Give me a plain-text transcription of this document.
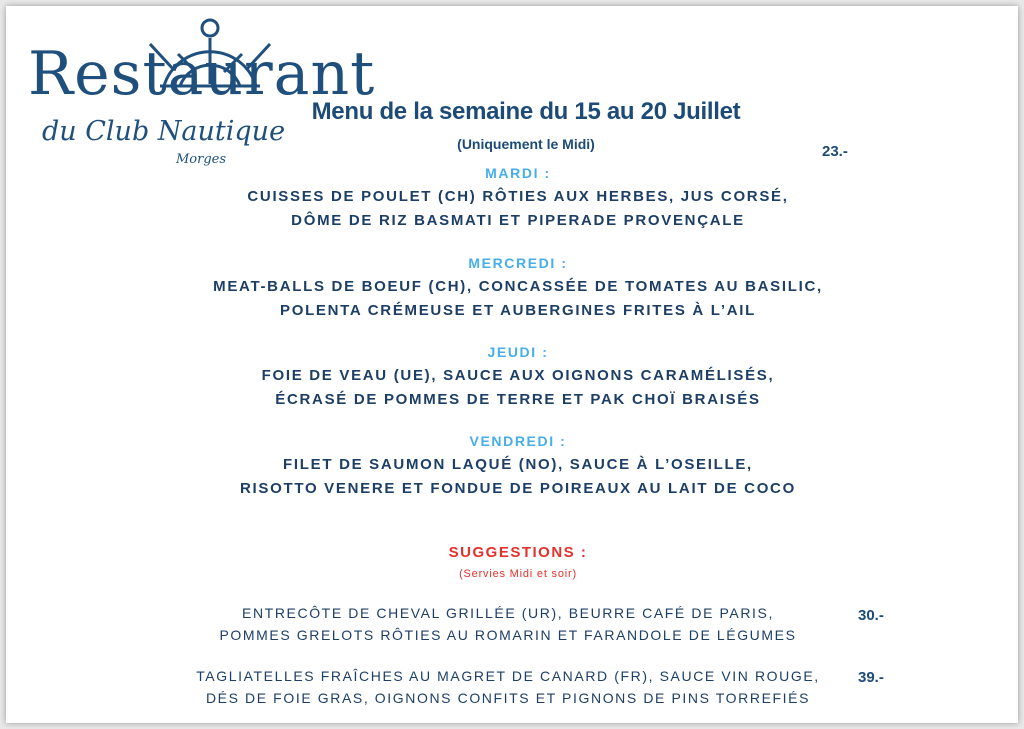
Restaurant
du Club Nautique
Morges
Menu de la semaine du 15 au 20 Juillet
(Uniquement le Midi)	23.-
MARDI :
CUISSES DE POULET (CH) RÔTIES AUX HERBES, JUS CORSÉ,
DÔME DE RIZ BASMATI ET PIPERADE PROVENÇALE
MERCREDI :
MEAT-BALLS DE BOEUF (CH), CONCASSÉE DE TOMATES AU BASILIC,
POLENTA CRÉMEUSE ET AUBERGINES FRITES À L’AIL
JEUDI :
FOIE DE VEAU (UE), SAUCE AUX OIGNONS CARAMÉLISÉS,
ÉCRASÉ DE POMMES DE TERRE ET PAK CHOÏ BRAISÉS
VENDREDI :
FILET DE SAUMON LAQUÉ (NO), SAUCE À L’OSEILLE,
RISOTTO VENERE ET FONDUE DE POIREAUX AU LAIT DE COCO
SUGGESTIONS :
(Servies Midi et soir)
ENTRECÔTE DE CHEVAL GRILLÉE (UR), BEURRE CAFÉ DE PARIS,
POMMES GRELOTS RÔTIES AU ROMARIN ET FARANDOLE DE LÉGUMES
30.-
TAGLIATELLES FRAÎCHES AU MAGRET DE CANARD (FR), SAUCE VIN ROUGE,
DÉS DE FOIE GRAS, OIGNONS CONFITS ET PIGNONS DE PINS TORREFIÉS
39.-
